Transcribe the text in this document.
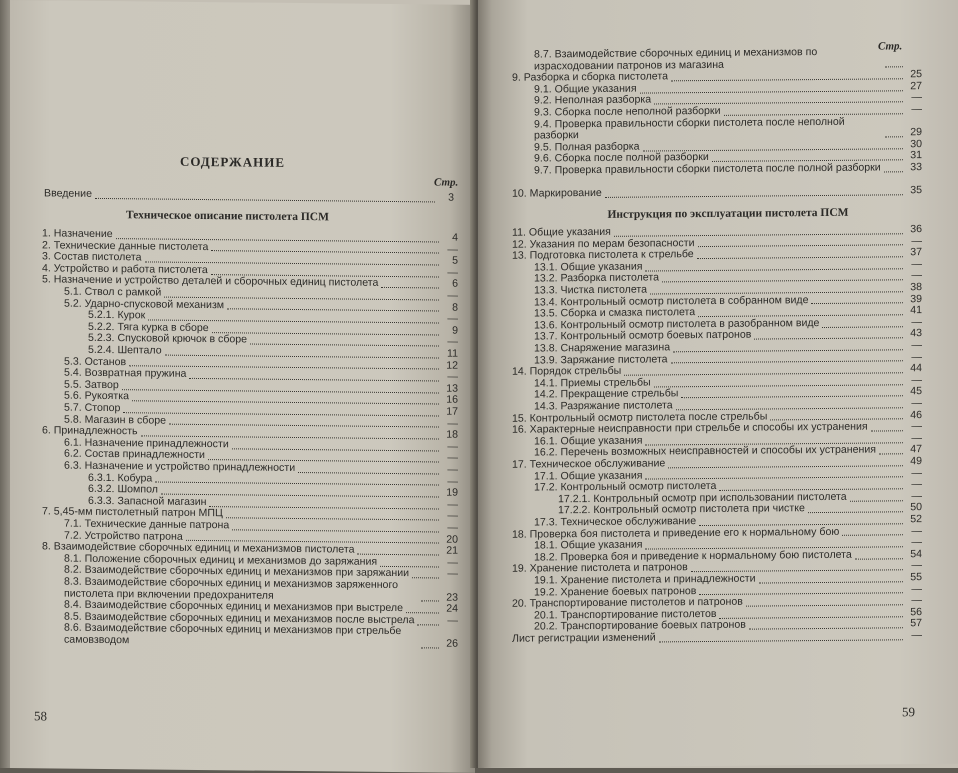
СОДЕРЖАНИЕ
Стр.
Введение	3
Техническое описание пистолета ПСМ
1. Назначение	4
2. Технические данные пистолета	—
3. Состав пистолета	5
4. Устройство и работа пистолета	—
5. Назначение и устройство деталей и сборочных единиц пистолета	6
5.1. Ствол с рамкой	—
5.2. Ударно-спусковой механизм	8
5.2.1. Курок	—
5.2.2. Тяга курка в сборе	9
5.2.3. Спусковой крючок в сборе	—
5.2.4. Шептало	11
5.3. Останов	12
5.4. Возвратная пружина	—
5.5. Затвор	13
5.6. Рукоятка	16
5.7. Стопор	17
5.8. Магазин в сборе	—
6. Принадлежность	18
6.1. Назначение принадлежности	—
6.2. Состав принадлежности	—
6.3. Назначение и устройство принадлежности	—
6.3.1. Кобура	—
6.3.2. Шомпол	19
6.3.3. Запасной магазин	—
7. 5,45-мм пистолетный патрон МПЦ	—
7.1. Технические данные патрона	—
7.2. Устройство патрона	20
8. Взаимодействие сборочных единиц и механизмов пистолета	21
8.1. Положение сборочных единиц и механизмов до заряжания	—
8.2. Взаимодействие сборочных единиц и механизмов при заряжании	—
8.3. Взаимодействие сборочных единиц и механизмов заряженного пистолета при включении предохранителя	23
8.4. Взаимодействие сборочных единиц и механизмов при выстреле	24
8.5. Взаимодействие сборочных единиц и механизмов после выстрела	—
8.6. Взаимодействие сборочных единиц и механизмов при стрельбе самовзводом	26
58
Стр.
8.7. Взаимодействие сборочных единиц и механизмов по израсходовании патронов из магазина
9. Разборка и сборка пистолета	25
9.1. Общие указания	27
9.2. Неполная разборка	—
9.3. Сборка после неполной разборки	—
9.4. Проверка правильности сборки пистолета после неполной разборки	29
9.5. Полная разборка	30
9.6. Сборка после полной разборки	31
9.7. Проверка правильности сборки пистолета после полной разборки	33
10. Маркирование	35
Инструкция по эксплуатации пистолета ПСМ
11. Общие указания	36
12. Указания по мерам безопасности	—
13. Подготовка пистолета к стрельбе	37
13.1. Общие указания	—
13.2. Разборка пистолета	—
13.3. Чистка пистолета	38
13.4. Контрольный осмотр пистолета в собранном виде	39
13.5. Сборка и смазка пистолета	41
13.6. Контрольный осмотр пистолета в разобранном виде	—
13.7. Контрольный осмотр боевых патронов	43
13.8. Снаряжение магазина	—
13.9. Заряжание пистолета	—
14. Порядок стрельбы	44
14.1. Приемы стрельбы	—
14.2. Прекращение стрельбы	45
14.3. Разряжание пистолета	—
15. Контрольный осмотр пистолета после стрельбы	46
16. Характерные неисправности при стрельбе и способы их устранения	—
16.1. Общие указания	—
16.2. Перечень возможных неисправностей и способы их устранения	47
17. Техническое обслуживание	49
17.1. Общие указания	—
17.2. Контрольный осмотр пистолета	—
17.2.1. Контрольный осмотр при использовании пистолета	—
17.2.2. Контрольный осмотр пистолета при чистке	50
17.3. Техническое обслуживание	52
18. Проверка боя пистолета и приведение его к нормальному бою	—
18.1. Общие указания	—
18.2. Проверка боя и приведение к нормальному бою пистолета	54
19. Хранение пистолета и патронов	—
19.1. Хранение пистолета и принадлежности	55
19.2. Хранение боевых патронов	—
20. Транспортирование пистолетов и патронов	—
20.1. Транспортирование пистолетов	56
20.2. Транспортирование боевых патронов	57
Лист регистрации изменений	—
59
